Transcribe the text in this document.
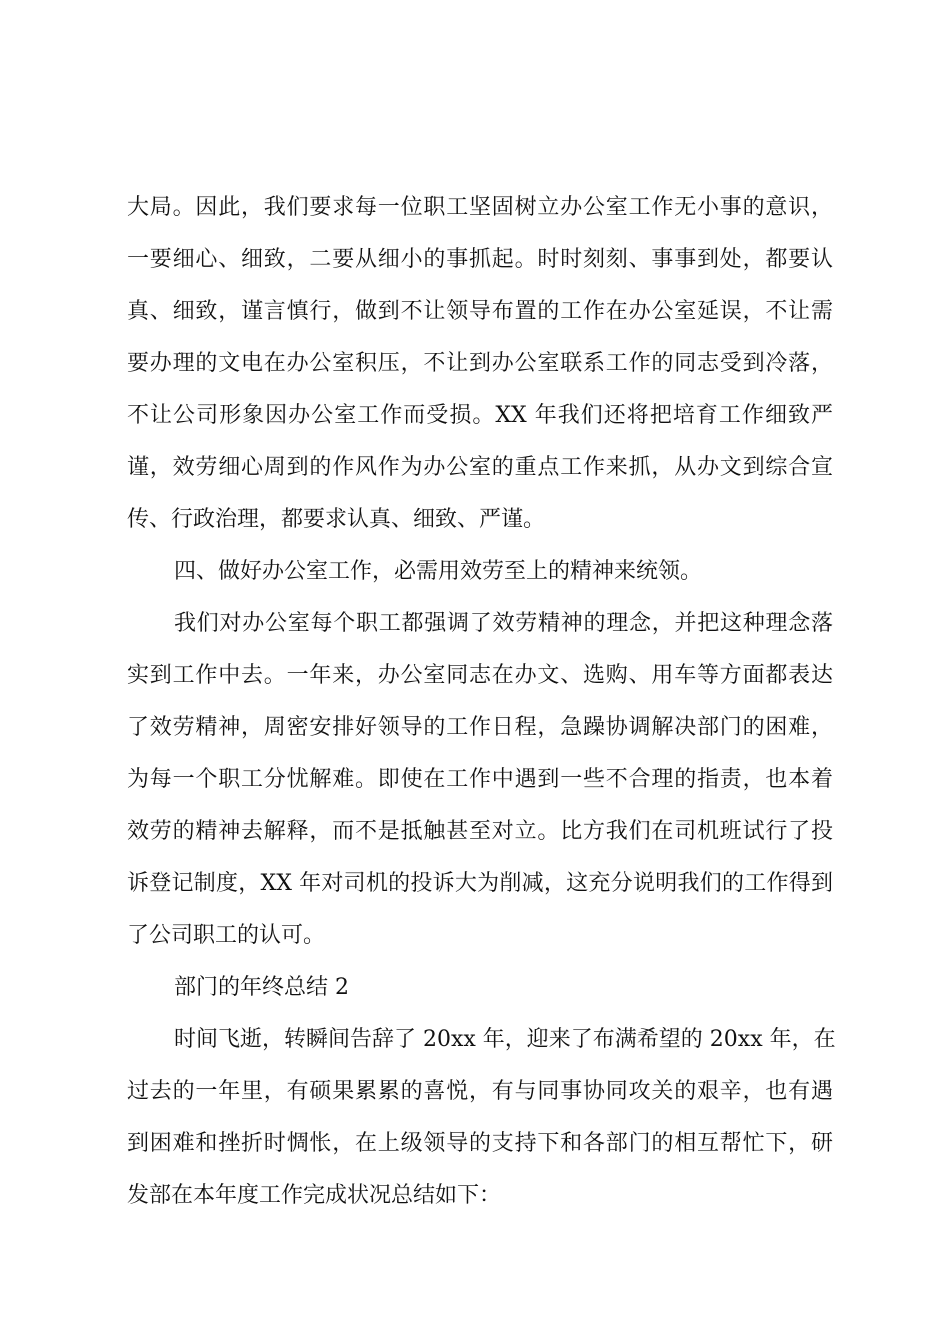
大局。因此，我们要求每一位职工坚固树立办公室工作无小事的意识，
一要细心、细致，二要从细小的事抓起。时时刻刻、事事到处，都要认
真、细致，谨言慎行，做到不让领导布置的工作在办公室延误，不让需
要办理的文电在办公室积压，不让到办公室联系工作的同志受到冷落，
不让公司形象因办公室工作而受损。XX 年我们还将把培育工作细致严
谨，效劳细心周到的作风作为办公室的重点工作来抓，从办文到综合宣
传、行政治理，都要求认真、细致、严谨。
四、做好办公室工作，必需用效劳至上的精神来统领。
我们对办公室每个职工都强调了效劳精神的理念，并把这种理念落
实到工作中去。一年来，办公室同志在办文、选购、用车等方面都表达
了效劳精神，周密安排好领导的工作日程，急躁协调解决部门的困难，
为每一个职工分忧解难。即使在工作中遇到一些不合理的指责，也本着
效劳的精神去解释，而不是抵触甚至对立。比方我们在司机班试行了投
诉登记制度，XX 年对司机的投诉大为削减，这充分说明我们的工作得到
了公司职工的认可。
部门的年终总结 2
时间飞逝，转瞬间告辞了 20xx 年，迎来了布满希望的 20xx 年，在
过去的一年里，有硕果累累的喜悦，有与同事协同攻关的艰辛，也有遇
到困难和挫折时惆怅，在上级领导的支持下和各部门的相互帮忙下，研
发部在本年度工作完成状况总结如下：
